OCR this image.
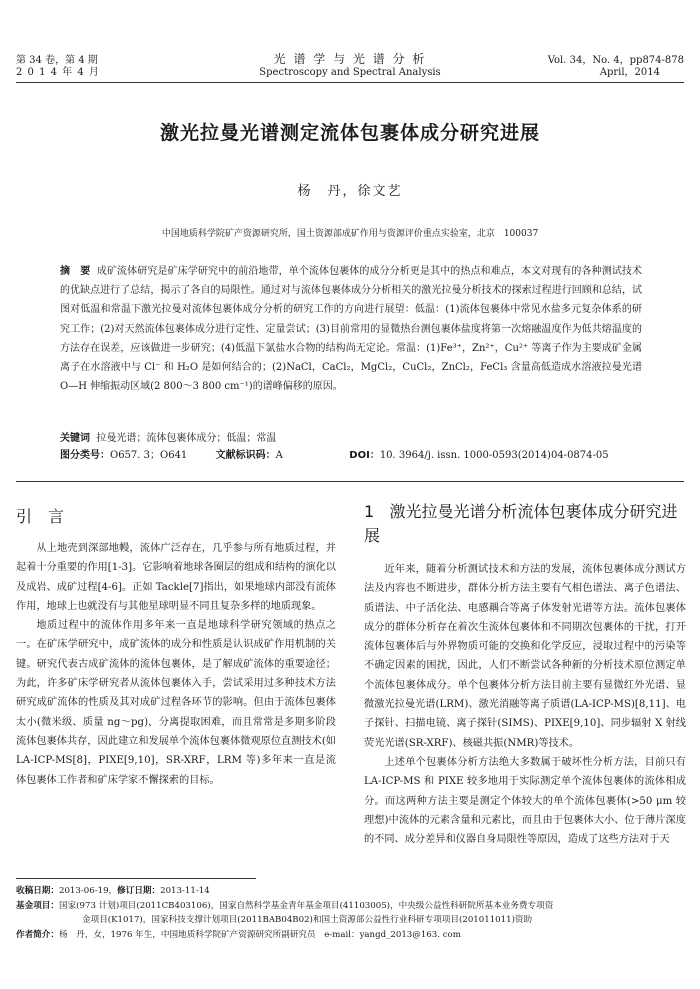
第 34 卷，第 4 期
2 0 1 4 年 4 月
光 谱 学 与 光 谱 分 析
Spectroscopy and Spectral Analysis
Vol. 34，No. 4，pp874-878
April，2014
激光拉曼光谱测定流体包裹体成分研究进展
杨　丹，徐文艺
中国地质科学院矿产资源研究所，国土资源部成矿作用与资源评价重点实验室，北京　100037
摘　要 成矿流体研究是矿床学研究中的前沿地带，单个流体包裹体的成分分析更是其中的热点和难点，本文对现有的各种测试技术的优缺点进行了总结，揭示了各自的局限性。通过对与流体包裹体成分分析相关的激光拉曼分析技术的探索过程进行回顾和总结，试图对低温和常温下激光拉曼对流体包裹体成分分析的研究工作的方向进行展望：低温：(1)流体包裹体中常见水盐多元复杂体系的研究工作；(2)对天然流体包裹体成分进行定性、定量尝试；(3)目前常用的显微热台测包裹体盐度将第一次熔融温度作为低共熔温度的方法存在误差，应该做进一步研究；(4)低温下氯盐水合物的结构尚无定论。常温：(1)Fe³⁺，Zn²⁺，Cu²⁺ 等离子作为主要成矿金属离子在水溶液中与 Cl⁻ 和 H₂O 是如何结合的；(2)NaCl，CaCl₂，MgCl₂，CuCl₂，ZnCl₂，FeCl₃ 含量高低造成水溶液拉曼光谱 O—H 伸缩振动区域(2 800～3 800 cm⁻¹)的谱峰偏移的原因。
关键词 拉曼光谱；流体包裹体成分；低温；常温
图分类号：O657. 3；O641	文献标识码：A	DOI：10. 3964/j. issn. 1000-0593(2014)04-0874-05
引　言

从上地壳到深部地幔，流体广泛存在，几乎参与所有地质过程，并起着十分重要的作用[1-3]。它影响着地球各圈层的组成和结构的演化以及成岩、成矿过程[4-6]。正如 Tackle[7]指出，如果地球内部没有流体作用，地球上也就没有与其他星球明显不同且复杂多样的地质现象。

地质过程中的流体作用多年来一直是地球科学研究领域的热点之一。在矿床学研究中，成矿流体的成分和性质是认识成矿作用机制的关键。研究代表古成矿流体的流体包裹体，是了解成矿流体的重要途径；为此，许多矿床学研究者从流体包裹体入手，尝试采用过多种技术方法研究成矿流体的性质及其对成矿过程各环节的影响。但由于流体包裹体太小(微米级、质量 ng～pg)，分离提取困难，而且常常是多期多阶段流体包裹体共存，因此建立和发展单个流体包裹体微观原位直测技术(如 LA-ICP-MS[8]，PIXE[9,10]，SR-XRF，LRM 等)多年来一直是流体包裹体工作者和矿床学家不懈探索的目标。

1 激光拉曼光谱分析流体包裹体成分研究进展

近年来，随着分析测试技术和方法的发展，流体包裹体成分测试方法及内容也不断进步，群体分析方法主要有气相色谱法、离子色谱法、质谱法、中子活化法、电感耦合等离子体发射光谱等方法。流体包裹体成分的群体分析存在着次生流体包裹体和不同期次包裹体的干扰，打开流体包裹体后与外界物质可能的交换和化学反应，浸取过程中的污染等不确定因素的困扰，因此，人们不断尝试各种新的分析技术原位测定单个流体包裹体成分。单个包裹体分析方法目前主要有显微红外光谱、显微激光拉曼光谱(LRM)、激光消融等离子质谱(LA-ICP-MS)[8,11]、电子探针、扫描电镜、离子探针(SIMS)、PIXE[9,10]、同步辐射 X 射线荧光光谱(SR-XRF)、核磁共振(NMR)等技术。

上述单个包裹体分析方法绝大多数属于破坏性分析方法，目前只有 LA-ICP-MS 和 PIXE 较多地用于实际测定单个流体包裹体的流体相成分。而这两种方法主要是测定个体较大的单个流体包裹体(>50 μm 较理想)中流体的元素含量和元素比，而且由于包裹体大小、位于薄片深度的不同、成分差异和仪器自身局限性等原因，造成了这些方法对于天

收稿日期：2013-06-19，修订日期：2013-11-14
基金项目：国家(973 计划)项目(2011CB403106)，国家自然科学基金青年基金项目(41103005)，中央级公益性科研院所基本业务费专项资
金项目(K1017)，国家科技支撑计划项目(2011BAB04B02)和国土资源部公益性行业科研专项项目(201011011)资助
作者简介：杨　丹，女，1976 年生，中国地质科学院矿产资源研究所副研究员　e-mail：yangd_2013@163. com
